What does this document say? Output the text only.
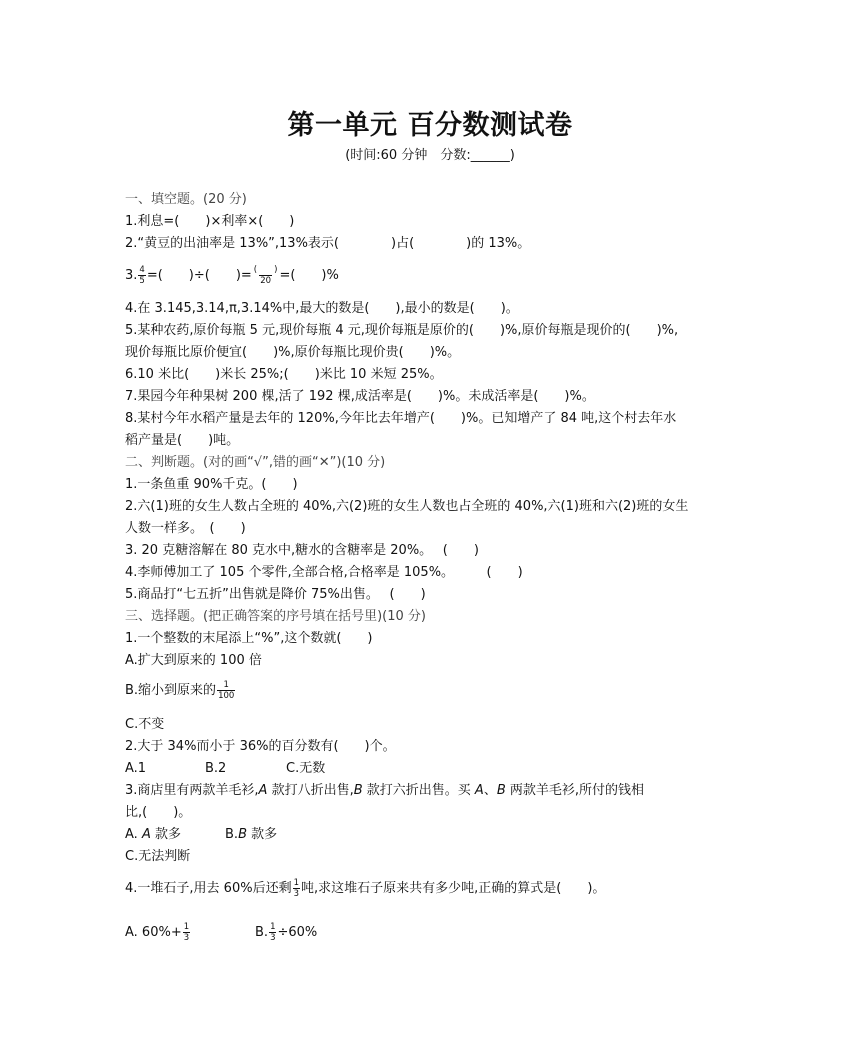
第一单元 百分数测试卷
(时间:60 分钟　分数:______)
一、填空题。(20 分)
1.利息=(　　)×利率×(　　)
2.“黄豆的出油率是 13%”,13%表示(　　　　)占(　　　　)的 13%。
3. $\frac{4}{5}$ =(　　)÷(　　)= $\frac{( )}{20}$ =(　　)%
4.在 3.145,3.14,π,3.14%中,最大的数是(　　),最小的数是(　　)。
5.某种农药,原价每瓶 5 元,现价每瓶 4 元,现价每瓶是原价的(　　)%,原价每瓶是现价的(　　)%,
现价每瓶比原价便宜(　　)%,原价每瓶比现价贵(　　)%。
6.10 米比(　　)米长 25%;(　　)米比 10 米短 25%。
7.果园今年种果树 200 棵,活了 192 棵,成活率是(　　)%。未成活率是(　　)%。
8.某村今年水稻产量是去年的 120%,今年比去年增产(　　)%。已知增产了 84 吨,这个村去年水
稻产量是(　　)吨。
二、判断题。(对的画“√”,错的画“✕”)(10 分)
1.一条鱼重 90%千克。(　　)
2.六(1)班的女生人数占全班的 40%,六(2)班的女生人数也占全班的 40%,六(1)班和六(2)班的女生
人数一样多。　(　　)
3. 20 克糖溶解在 80 克水中,糖水的含糖率是 20%。　 (　　)
4.李师傅加工了 105 个零件,全部合格,合格率是 105%。　　　(　　)
5.商品打“七五折”出售就是降价 75%出售。　 (　　)
三、选择题。(把正确答案的序号填在括号里)(10 分)
1.一个整数的末尾添上“%”,这个数就(　　)
A.扩大到原来的 100 倍
B.缩小到原来的 $\frac{1}{100}$
C.不变
2.大于 34%而小于 36%的百分数有(　　)个。
A.1	B.2	C.无数
3.商店里有两款羊毛衫,A 款打八折出售,B 款打六折出售。买 A、B 两款羊毛衫,所付的钱相
比,(　　)。
A. A 款多	B.B 款多
C.无法判断
4.一堆石子,用去 60%后还剩 $\frac{1}{3}$ 吨,求这堆石子原来共有多少吨,正确的算式是(　　)。
A. $60\%+ \frac{1}{3}$	B. $\frac{1}{3} \div 60\%$
